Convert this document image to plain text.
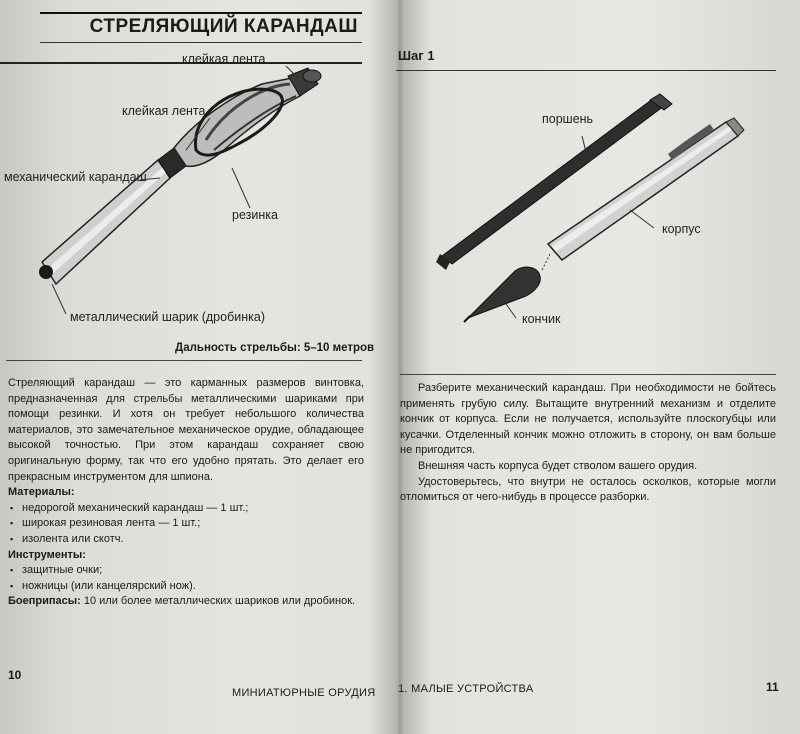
СТРЕЛЯЮЩИЙ КАРАНДАШ
клейкая лента
клейкая лента
механический карандаш
резинка
металлический шарик (дробинка)
Дальность стрельбы: 5–10 метров

Стреляющий карандаш — это карманных размеров винтовка, предназначенная для стрельбы металлическими шариками при помощи резинки. И хотя он требует небольшого количества материалов, это замечательное механическое орудие, обладающее высокой точностью. При этом карандаш сохраняет свою оригинальную форму, так что его удобно прятать. Это делает его прекрасным инструментом для шпиона.

Материалы:

▪ недорогой механический карандаш — 1 шт.;
▪ широкая резиновая лента — 1 шт.;
▪ изолента или скотч.

Инструменты:

▪ защитные очки;
▪ ножницы (или канцелярский нож).

Боеприпасы: 10 или более металлических шариков или дробинок.

10
МИНИАТЮРНЫЕ ОРУДИЯ
Шаг 1
поршень
корпус
кончик

Разберите механический карандаш. При необходимости не бойтесь применять грубую силу. Вытащите внутренний механизм и отделите кончик от корпуса. Если не получается, используйте плоскогубцы или кусачки. Отделенный кончик можно отложить в сторону, он вам больше не пригодится.

Внешняя часть корпуса будет стволом вашего орудия.

Удостоверьтесь, что внутри не осталось осколков, которые могли отломиться от чего-нибудь в процессе разборки.

1. МАЛЫЕ УСТРОЙСТВА	11
